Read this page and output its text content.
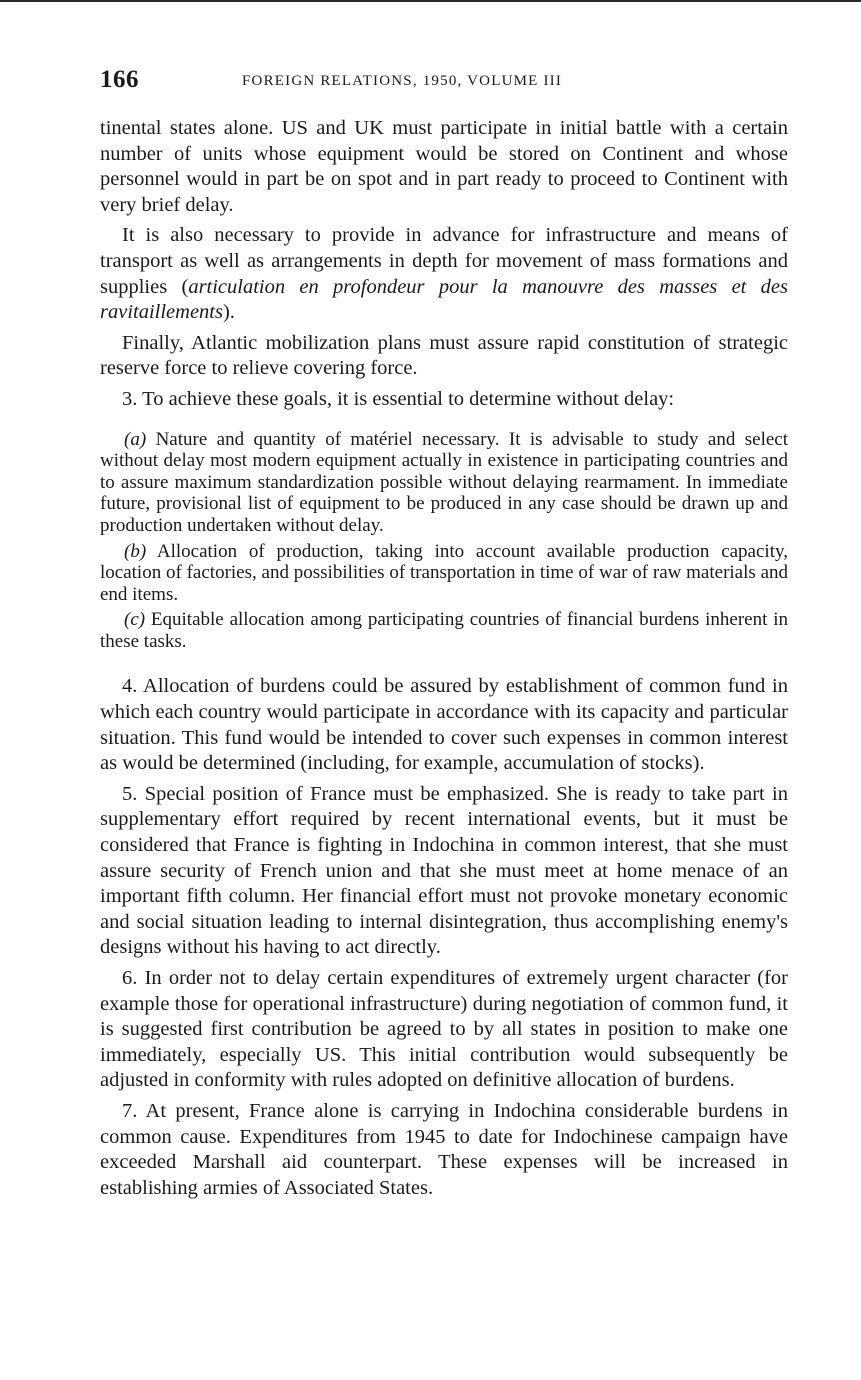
166	FOREIGN RELATIONS, 1950, VOLUME III

tinental states alone. US and UK must participate in initial battle with a certain number of units whose equipment would be stored on Continent and whose personnel would in part be on spot and in part ready to proceed to Continent with very brief delay.

It is also necessary to provide in advance for infrastructure and means of transport as well as arrangements in depth for movement of mass formations and supplies (articulation en profondeur pour la manouvre des masses et des ravitaillements).

Finally, Atlantic mobilization plans must assure rapid constitution of strategic reserve force to relieve covering force.

3. To achieve these goals, it is essential to determine without delay:

(a) Nature and quantity of matériel necessary. It is advisable to study and select without delay most modern equipment actually in existence in participating countries and to assure maximum standardization possible without delaying rearmament. In immediate future, provisional list of equipment to be produced in any case should be drawn up and production undertaken without delay.

(b) Allocation of production, taking into account available production capacity, location of factories, and possibilities of transportation in time of war of raw materials and end items.

(c) Equitable allocation among participating countries of financial burdens inherent in these tasks.

4. Allocation of burdens could be assured by establishment of common fund in which each country would participate in accordance with its capacity and particular situation. This fund would be intended to cover such expenses in common interest as would be determined (including, for example, accumulation of stocks).

5. Special position of France must be emphasized. She is ready to take part in supplementary effort required by recent international events, but it must be considered that France is fighting in Indochina in common interest, that she must assure security of French union and that she must meet at home menace of an important fifth column. Her financial effort must not provoke monetary economic and social situation leading to internal disintegration, thus accomplishing enemy's designs without his having to act directly.

6. In order not to delay certain expenditures of extremely urgent character (for example those for operational infrastructure) during negotiation of common fund, it is suggested first contribution be agreed to by all states in position to make one immediately, especially US. This initial contribution would subsequently be adjusted in conformity with rules adopted on definitive allocation of burdens.

7. At present, France alone is carrying in Indochina considerable burdens in common cause. Expenditures from 1945 to date for Indochinese campaign have exceeded Marshall aid counterpart. These expenses will be increased in establishing armies of Associated States.
